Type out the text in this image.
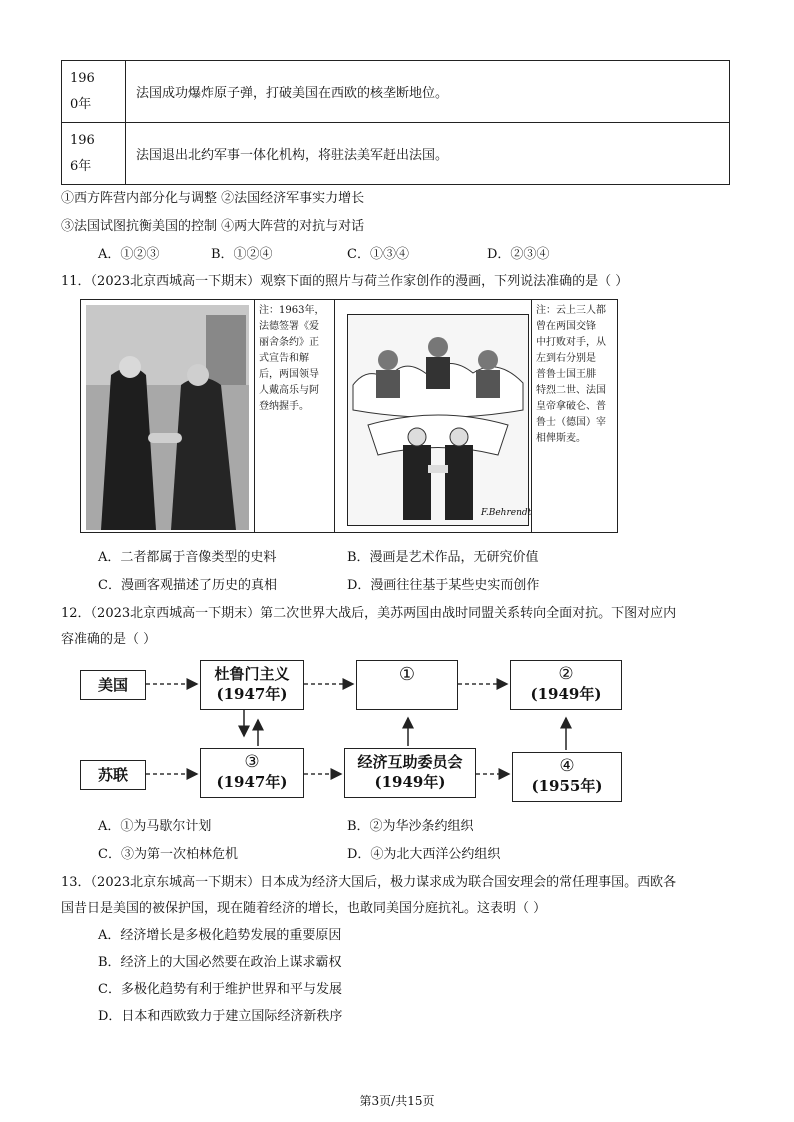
1960年	法国成功爆炸原子弹，打破美国在西欧的核垄断地位。
1966年	法国退出北约军事一体化机构，将驻法美军赶出法国。
①西方阵营内部分化与调整 ②法国经济军事实力增长
③法国试图抗衡美国的控制 ④两大阵营的对抗与对话
A．①②③	B．①②④	C．①③④	D．②③④
11．（2023北京西城高一下期末）观察下面的照片与荷兰作家创作的漫画，下列说法准确的是（ ）
注：1963年，
法德签署《爱
丽舍条约》正
式宣告和解
后，两国领导
人戴高乐与阿
登纳握手。
F.Behrendt
注：云上三人都
曾在两国交锋
中打败对手，从
左到右分别是
普鲁士国王腓
特烈二世、法国
皇帝拿破仑、普
鲁士（德国）宰
相俾斯麦。
A．二者都属于音像类型的史料	B．漫画是艺术作品，无研究价值
C．漫画客观描述了历史的真相	D．漫画往往基于某些史实而创作
12．（2023北京西城高一下期末）第二次世界大战后，美苏两国由战时同盟关系转向全面对抗。下图对应内
容准确的是（ ）
美国
苏联
杜鲁门主义
(1947年)
①	②
(1949年)
③
(1947年)
经济互助委员会
(1949年)
④
(1955年)
A．①为马歇尔计划	B．②为华沙条约组织
C．③为第一次柏林危机	D．④为北大西洋公约组织
13．（2023北京东城高一下期末）日本成为经济大国后，极力谋求成为联合国安理会的常任理事国。西欧各
国昔日是美国的被保护国，现在随着经济的增长，也敢同美国分庭抗礼。这表明（ ）
A．经济增长是多极化趋势发展的重要原因
B．经济上的大国必然要在政治上谋求霸权
C．多极化趋势有利于维护世界和平与发展
D．日本和西欧致力于建立国际经济新秩序
第3页/共15页
